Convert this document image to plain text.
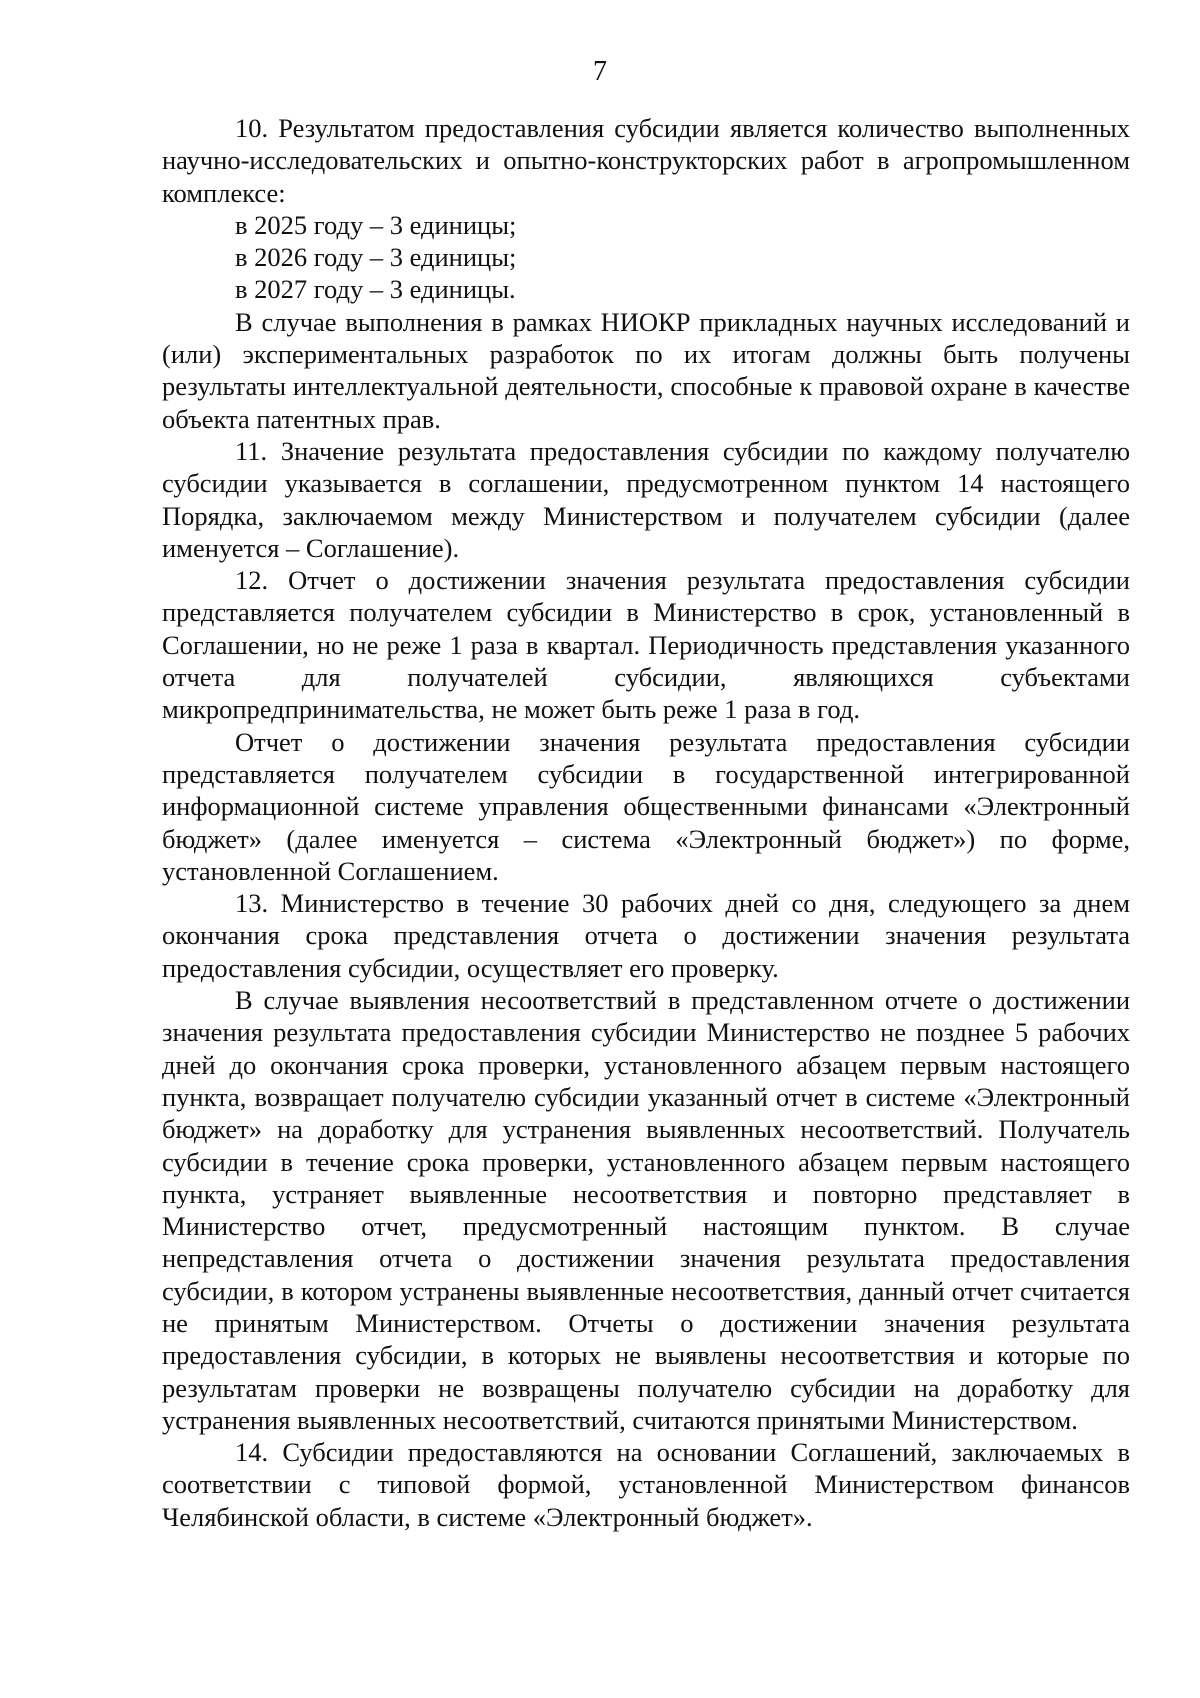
7

10. Результатом предоставления субсидии является количество выполненных научно-исследовательских и опытно-конструкторских работ в агропромышленном комплексе:

в 2025 году – 3 единицы;

в 2026 году – 3 единицы;

в 2027 году – 3 единицы.

В случае выполнения в рамках НИОКР прикладных научных исследований и (или) экспериментальных разработок по их итогам должны быть получены результаты интеллектуальной деятельности, способные к правовой охране в качестве объекта патентных прав.

11. Значение результата предоставления субсидии по каждому получателю субсидии указывается в соглашении, предусмотренном пунктом 14 настоящего Порядка, заключаемом между Министерством и получателем субсидии (далее именуется – Соглашение).

12. Отчет о достижении значения результата предоставления субсидии представляется получателем субсидии в Министерство в срок, установленный в Соглашении, но не реже 1 раза в квартал. Периодичность представления указанного отчета для получателей субсидии, являющихся субъектами микропредпринимательства, не может быть реже 1 раза в год.

Отчет о достижении значения результата предоставления субсидии представляется получателем субсидии в государственной интегрированной информационной системе управления общественными финансами «Электронный бюджет» (далее именуется – система «Электронный бюджет») по форме, установленной Соглашением.

13. Министерство в течение 30 рабочих дней со дня, следующего за днем окончания срока представления отчета о достижении значения результата предоставления субсидии, осуществляет его проверку.

В случае выявления несоответствий в представленном отчете о достижении значения результата предоставления субсидии Министерство не позднее 5 рабочих дней до окончания срока проверки, установленного абзацем первым настоящего пункта, возвращает получателю субсидии указанный отчет в системе «Электронный бюджет» на доработку для устранения выявленных несоответствий. Получатель субсидии в течение срока проверки, установленного абзацем первым настоящего пункта, устраняет выявленные несоответствия и повторно представляет в Министерство отчет, предусмотренный настоящим пунктом. В случае непредставления отчета о достижении значения результата предоставления субсидии, в котором устранены выявленные несоответствия, данный отчет считается не принятым Министерством. Отчеты о достижении значения результата предоставления субсидии, в которых не выявлены несоответствия и которые по результатам проверки не возвращены получателю субсидии на доработку для устранения выявленных несоответствий, считаются принятыми Министерством.

14. Субсидии предоставляются на основании Соглашений, заключаемых в соответствии с типовой формой, установленной Министерством финансов Челябинской области, в системе «Электронный бюджет».
